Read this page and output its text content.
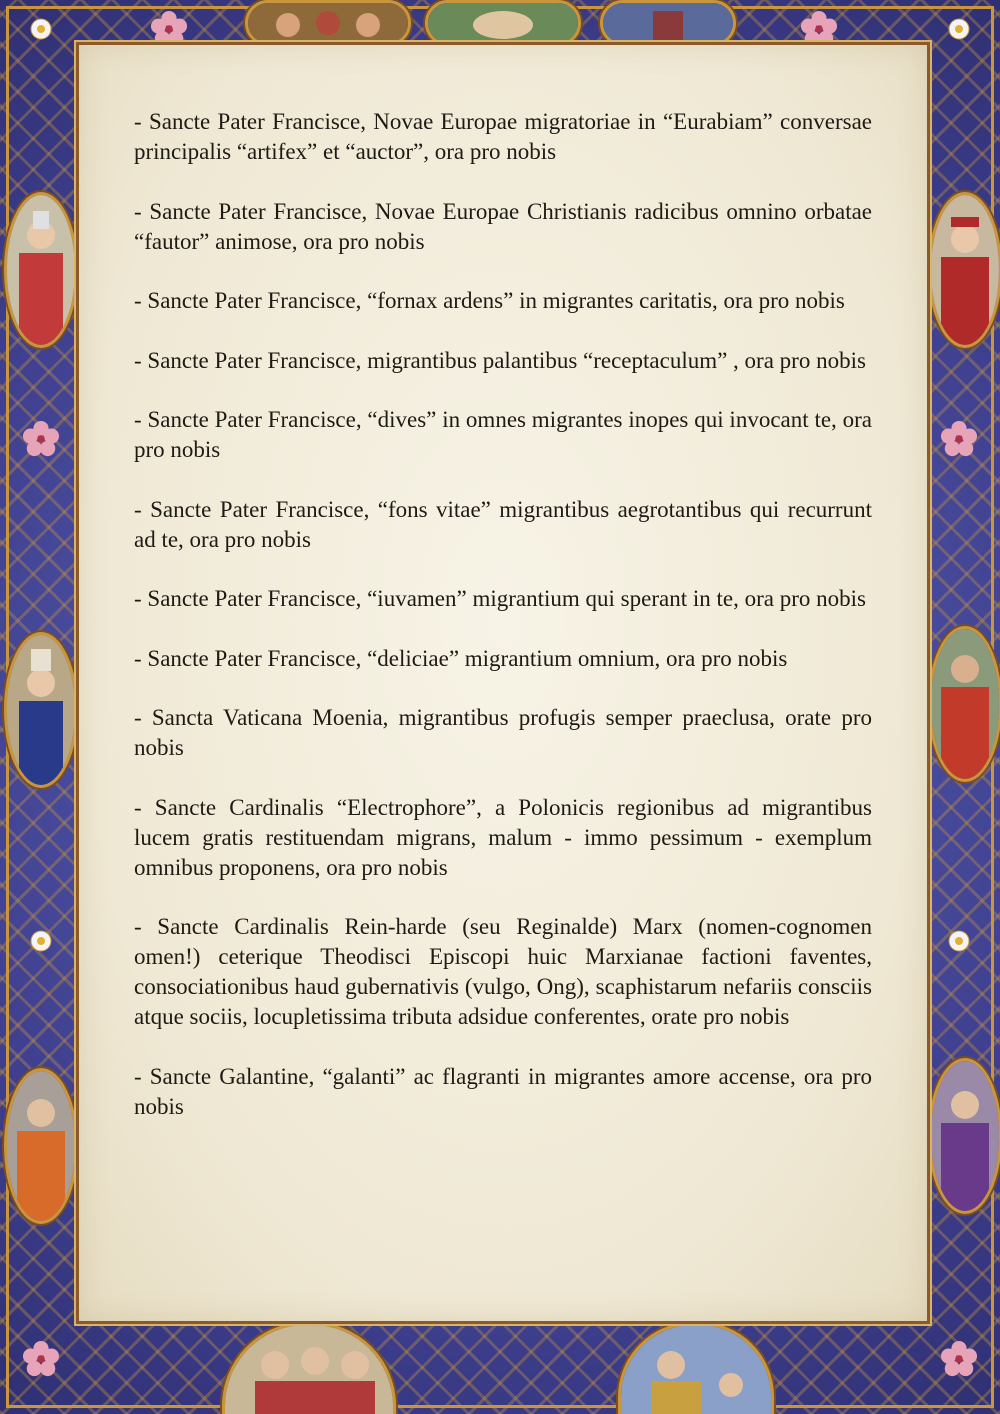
- Sancte Pater Francisce, Novae Europae migratoriae in “Eurabiam” conversae principalis “artifex” et “auctor”, ora pro nobis

- Sancte Pater Francisce, Novae Europae Christianis radicibus omnino orbatae “fautor” animose, ora pro nobis

- Sancte Pater Francisce, “fornax ardens” in migrantes caritatis, ora pro nobis

- Sancte Pater Francisce, migrantibus palantibus “receptaculum” , ora pro nobis

- Sancte Pater Francisce, “dives” in omnes migrantes inopes qui invocant te, ora pro nobis

- Sancte Pater Francisce, “fons vitae” migrantibus aegrotantibus qui recurrunt ad te, ora pro nobis

- Sancte Pater Francisce, “iuvamen” migrantium qui sperant in te, ora pro nobis

- Sancte Pater Francisce, “deliciae” migrantium omnium, ora pro nobis

- Sancta Vaticana Moenia, migrantibus profugis semper praeclusa, orate pro nobis

- Sancte Cardinalis “Electrophore”, a Polonicis regionibus ad migrantibus lucem gratis restituendam migrans, malum - immo pessimum - exemplum omnibus proponens, ora pro nobis

- Sancte Cardinalis Rein-harde (seu Reginalde) Marx (nomen-cognomen omen!) ceterique Theodisci Episcopi huic Marxianae factioni faventes, consociationibus haud gubernativis (vulgo, Ong), scaphistarum nefariis consciis atque sociis, locupletissima tributa adsidue conferentes, orate pro nobis

- Sancte Galantine, “galanti” ac flagranti in migrantes amore accense, ora pro nobis
